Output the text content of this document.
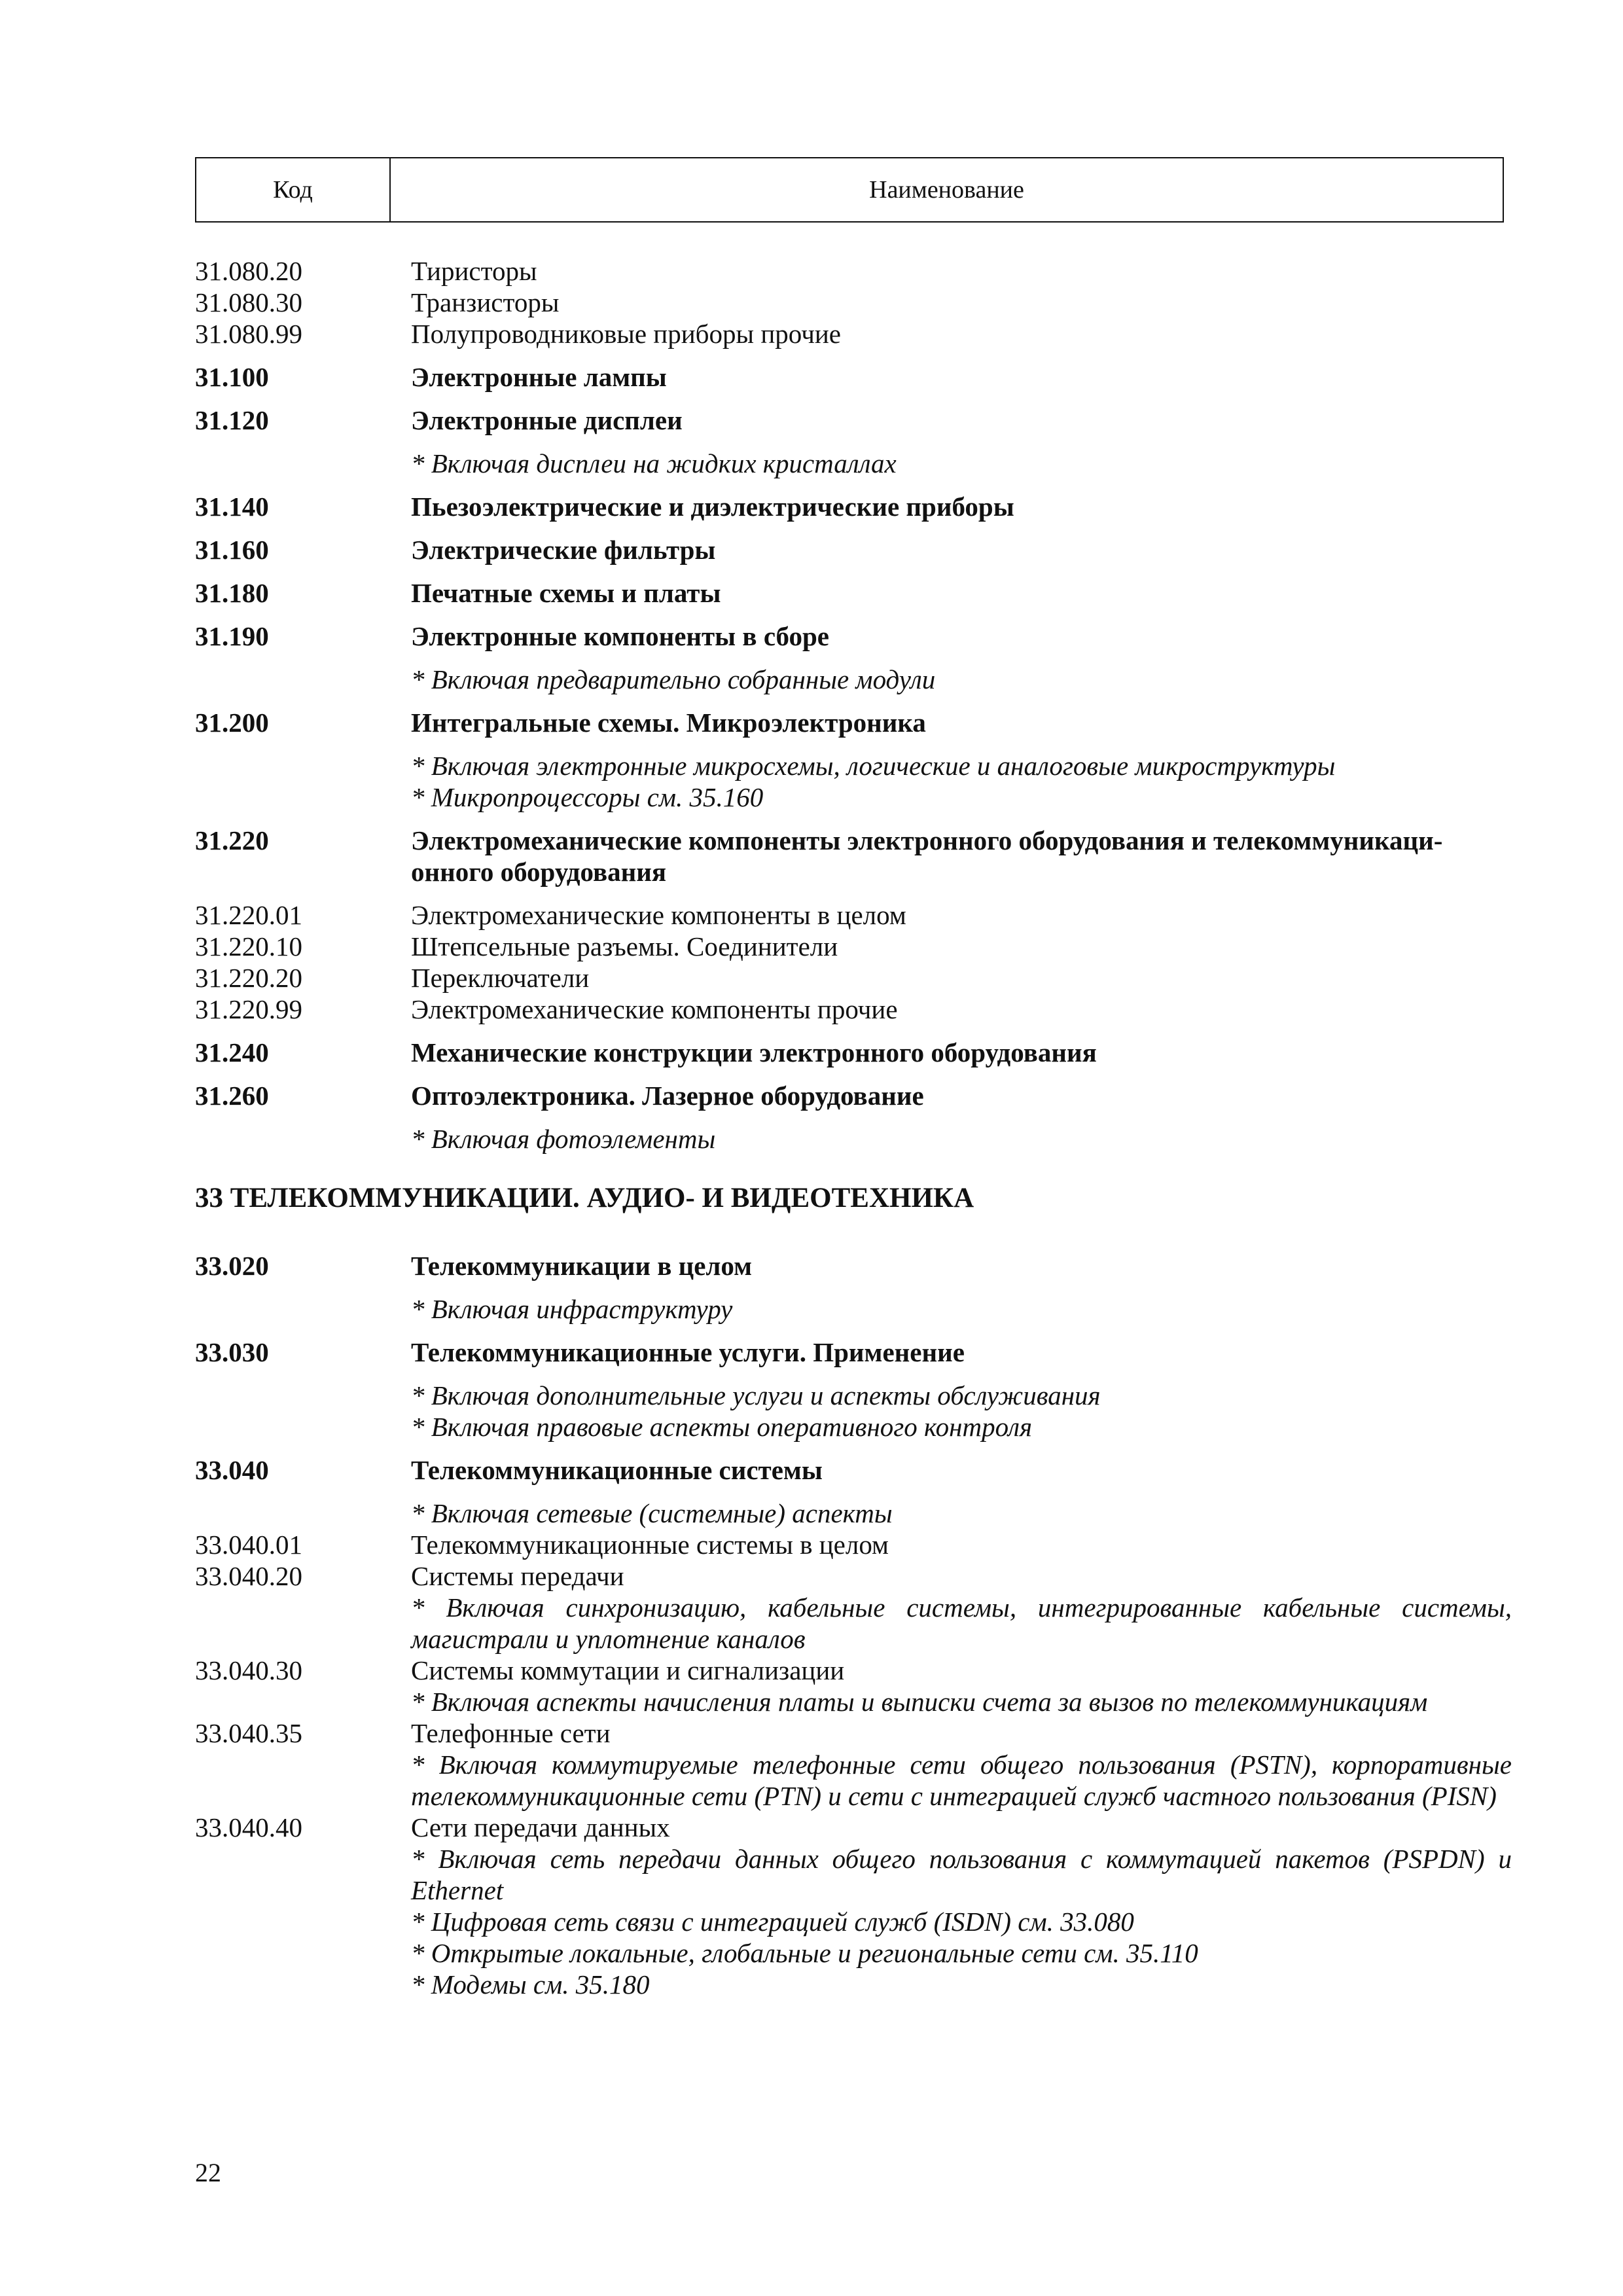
Код	Наименование
31.080.20	Тиристоры
31.080.30	Транзисторы
31.080.99	Полупроводниковые приборы прочие
31.100	Электронные лампы
31.120	Электронные дисплеи
* Включая дисплеи на жидких кристаллах
31.140	Пьезоэлектрические и диэлектрические приборы
31.160	Электрические фильтры
31.180	Печатные схемы и платы
31.190	Электронные компоненты в сборе
* Включая предварительно собранные модули
31.200	Интегральные схемы. Микроэлектроника
* Включая электронные микросхемы, логические и аналоговые микроструктуры
* Микропроцессоры см. 35.160
31.220	Электромеханические компоненты электронного оборудования и телекоммуникационного оборудования
31.220.01	Электромеханические компоненты в целом
31.220.10	Штепсельные разъемы. Соединители
31.220.20	Переключатели
31.220.99	Электромеханические компоненты прочие
31.240	Механические конструкции электронного оборудования
31.260	Оптоэлектроника. Лазерное оборудование
* Включая фотоэлементы
33 ТЕЛЕКОММУНИКАЦИИ. АУДИО- И ВИДЕОТЕХНИКА
33.020	Телекоммуникации в целом
* Включая инфраструктуру
33.030	Телекоммуникационные услуги. Применение
* Включая дополнительные услуги и аспекты обслуживания
* Включая правовые аспекты оперативного контроля
33.040	Телекоммуникационные системы
* Включая сетевые (системные) аспекты
33.040.01	Телекоммуникационные системы в целом
33.040.20	Системы передачи
* Включая синхронизацию, кабельные системы, интегрированные кабельные системы, магистрали и уплотнение каналов
33.040.30	Системы коммутации и сигнализации
* Включая аспекты начисления платы и выписки счета за вызов по телекоммуникациям
33.040.35	Телефонные сети
* Включая коммутируемые телефонные сети общего пользования (PSTN), корпоративные телекоммуникационные сети (PTN) и сети с интеграцией служб частного пользования (PISN)
33.040.40	Сети передачи данных
* Включая сеть передачи данных общего пользования с коммутацией пакетов (PSPDN) и Ethernet
* Цифровая сеть связи с интеграцией служб (ISDN) см. 33.080
* Открытые локальные, глобальные и региональные сети см. 35.110
* Модемы см. 35.180
22
